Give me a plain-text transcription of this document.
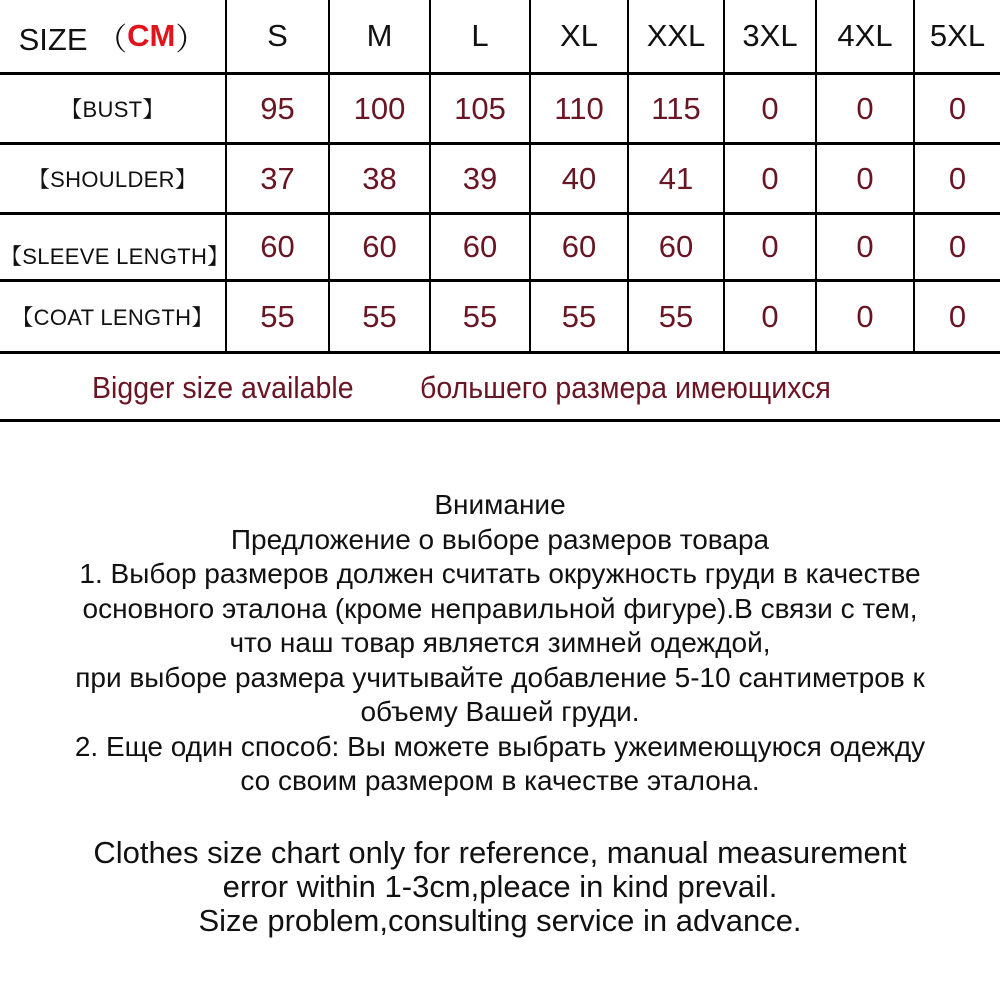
SIZE （ CM ）	S	M	L	XL	XXL	3XL	4XL	5XL
【BUST】	95	100	105	110	115	0	0	0
【SHOULDER】	37	38	39	40	41	0	0	0
【SLEEVE LENGTH】 60	60	60	60	60	0	0	0
【COAT LENGTH】	55	55	55	55	55	0	0	0
Bigger size available большего размера имеющихся
Внимание
Предложение о выборе размеров товара
1. Выбор размеров должен считать окружность груди в качестве
основного эталона (кроме неправильной фигуре).В связи с тем,
что наш товар является зимней одеждой,
при выборе размера учитывайте добавление 5-10 сантиметров к
объему Вашей груди.
2. Еще один способ: Вы можете выбрать ужеимеющуюся одежду
со своим размером в качестве эталона.
Clothes size chart only for reference, manual measurement
error within 1-3cm,pleace in kind prevail.
Size problem,consulting service in advance.
